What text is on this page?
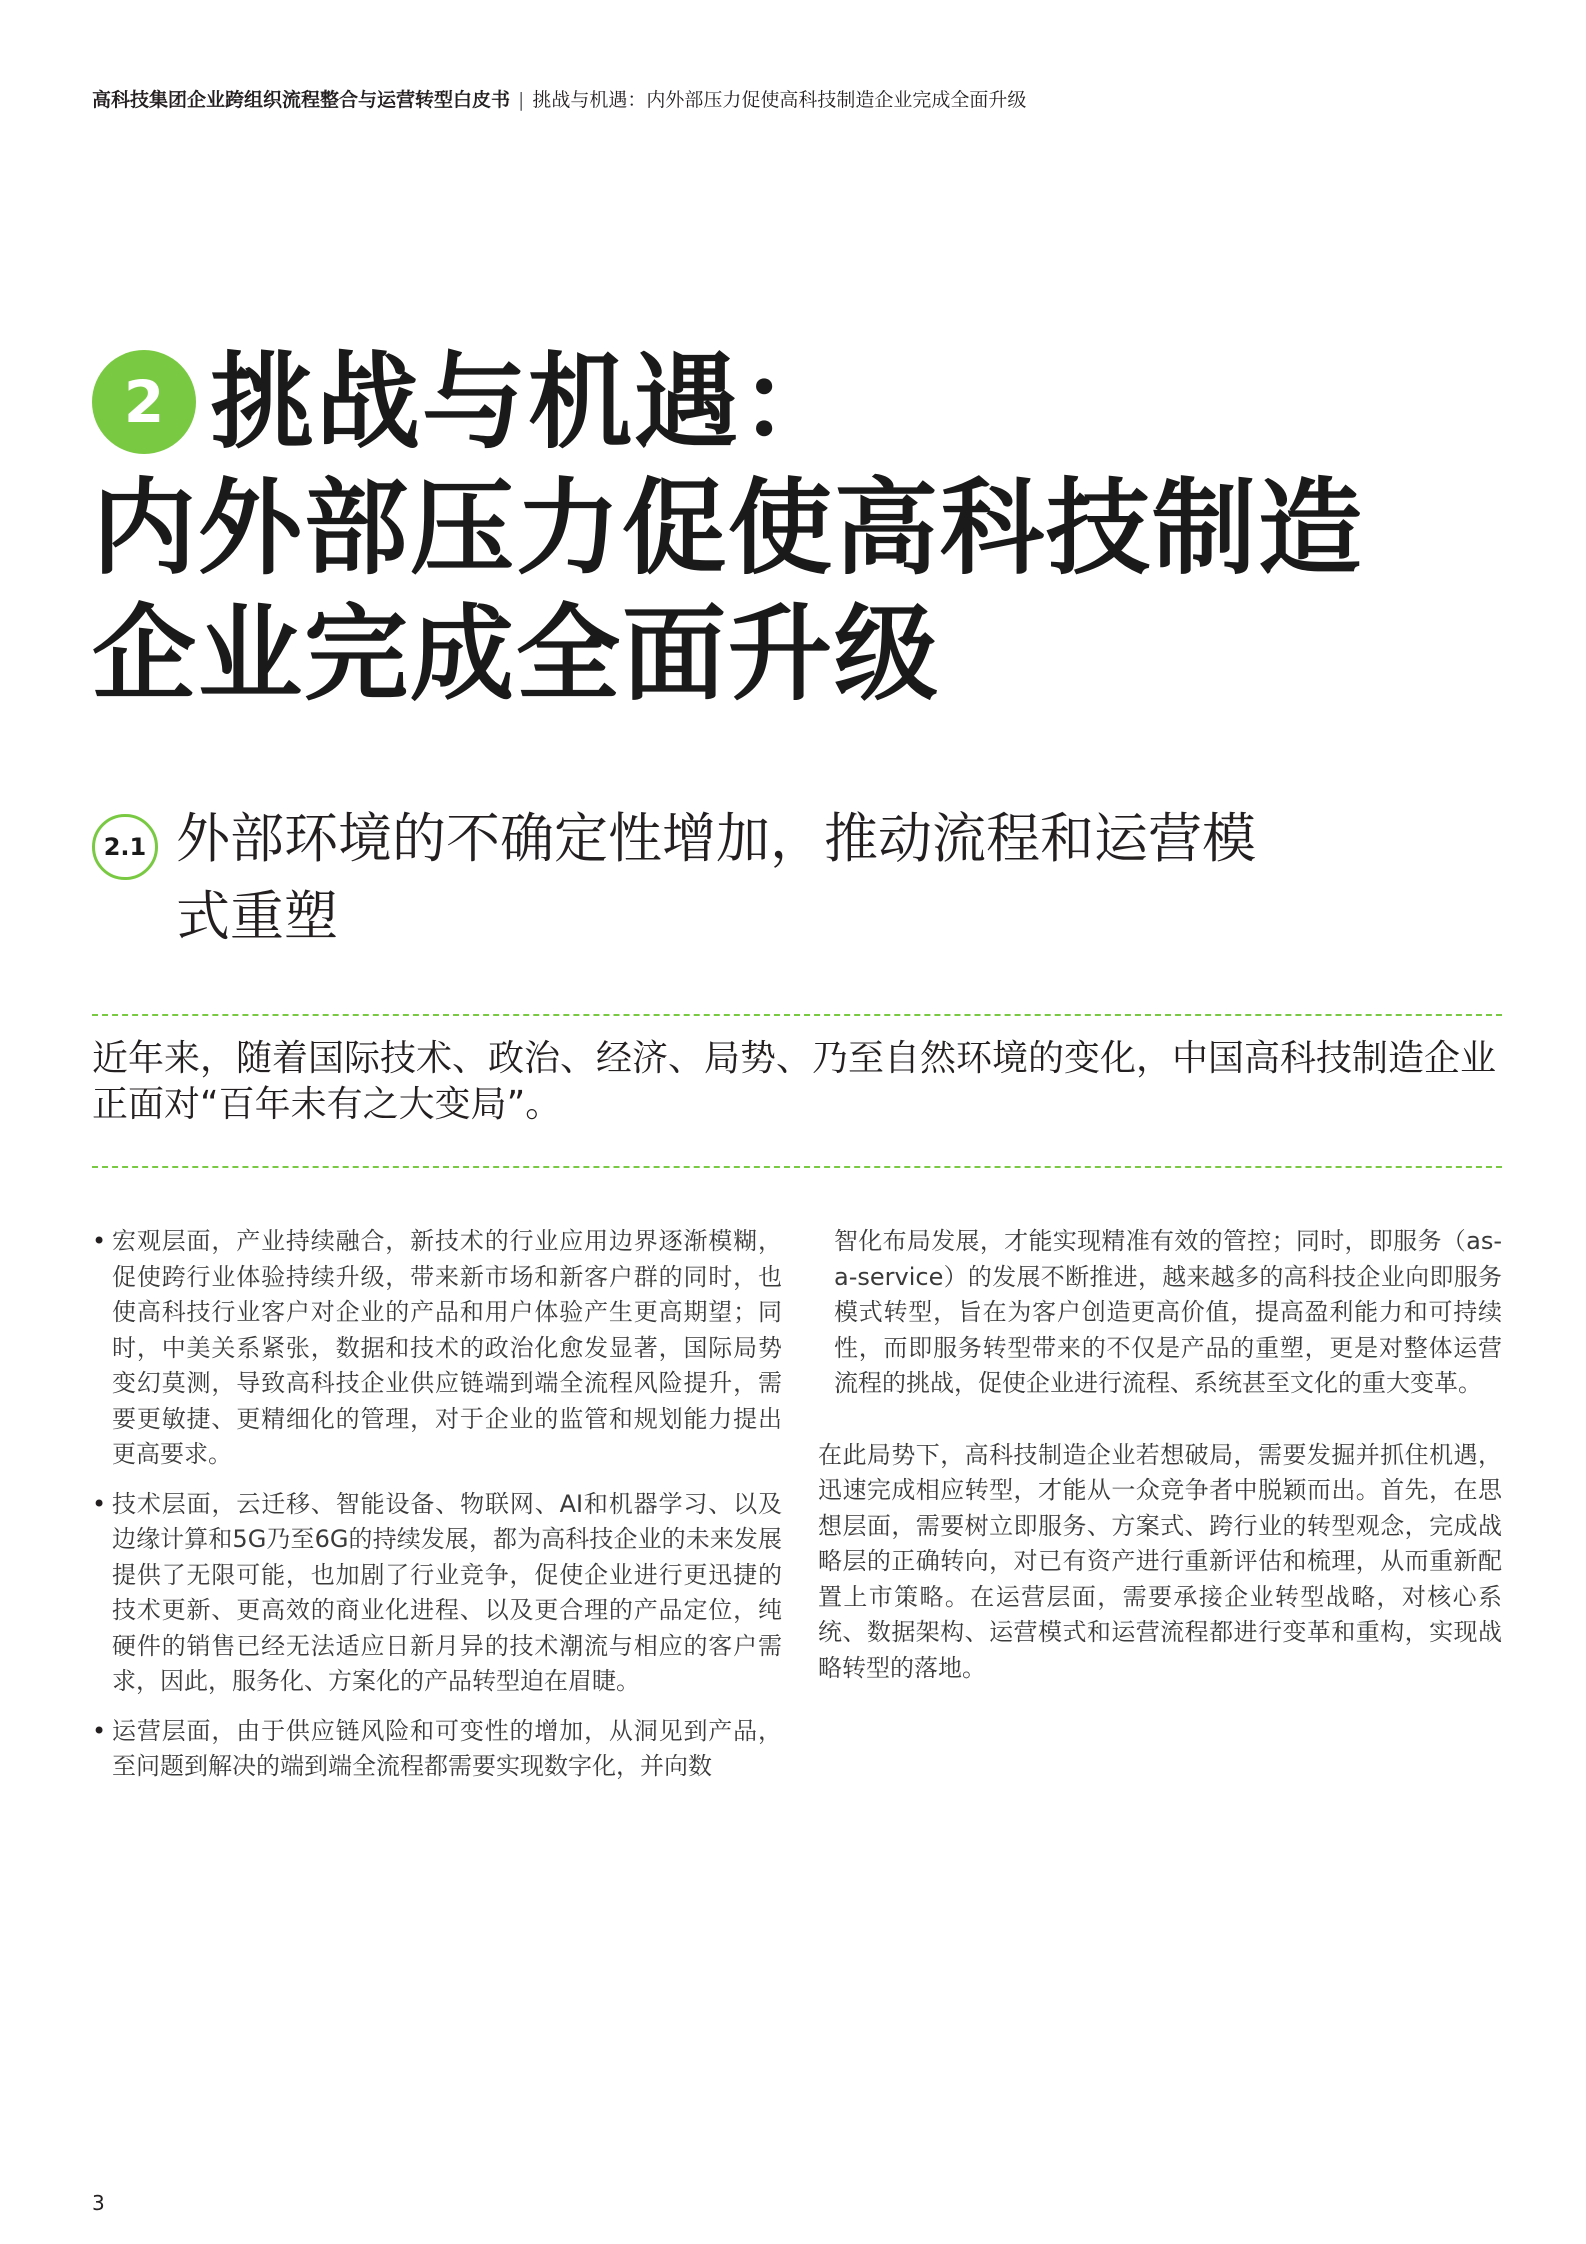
高科技集团企业跨组织流程整合与运营转型白皮书 | 挑战与机遇：内外部压力促使高科技制造企业完成全面升级
2 挑战与机遇：
内外部压力促使高科技制造
企业完成全面升级
2.1 外部环境的不确定性增加，推动流程和运营模式重塑
近年来，随着国际技术、政治、经济、局势、乃至自然环境的变化，中国高科技制造企业正面对“百年未有之大变局”。

• 宏观层面，产业持续融合，新技术的行业应用边界逐渐模糊，促使跨行业体验持续升级，带来新市场和新客户群的同时，也使高科技行业客户对企业的产品和用户体验产生更高期望；同时，中美关系紧张，数据和技术的政治化愈发显著，国际局势变幻莫测，导致高科技企业供应链端到端全流程风险提升，需要更敏捷、更精细化的管理，对于企业的监管和规划能力提出更高要求。

• 技术层面，云迁移、智能设备、物联网、AI和机器学习、以及边缘计算和5G乃至6G的持续发展，都为高科技企业的未来发展提供了无限可能，也加剧了行业竞争，促使企业进行更迅捷的技术更新、更高效的商业化进程、以及更合理的产品定位，纯硬件的销售已经无法适应日新月异的技术潮流与相应的客户需求，因此，服务化、方案化的产品转型迫在眉睫。

• 运营层面，由于供应链风险和可变性的增加，从洞见到产品，至问题到解决的端到端全流程都需要实现数字化，并向数

智化布局发展，才能实现精准有效的管控；同时，即服务（as-a-service）的发展不断推进，越来越多的高科技企业向即服务模式转型，旨在为客户创造更高价值，提高盈利能力和可持续性，而即服务转型带来的不仅是产品的重塑，更是对整体运营流程的挑战，促使企业进行流程、系统甚至文化的重大变革。

在此局势下，高科技制造企业若想破局，需要发掘并抓住机遇，迅速完成相应转型，才能从一众竞争者中脱颖而出。首先，在思想层面，需要树立即服务、方案式、跨行业的转型观念，完成战略层的正确转向，对已有资产进行重新评估和梳理，从而重新配置上市策略。在运营层面，需要承接企业转型战略，对核心系统、数据架构、运营模式和运营流程都进行变革和重构，实现战略转型的落地。

3
